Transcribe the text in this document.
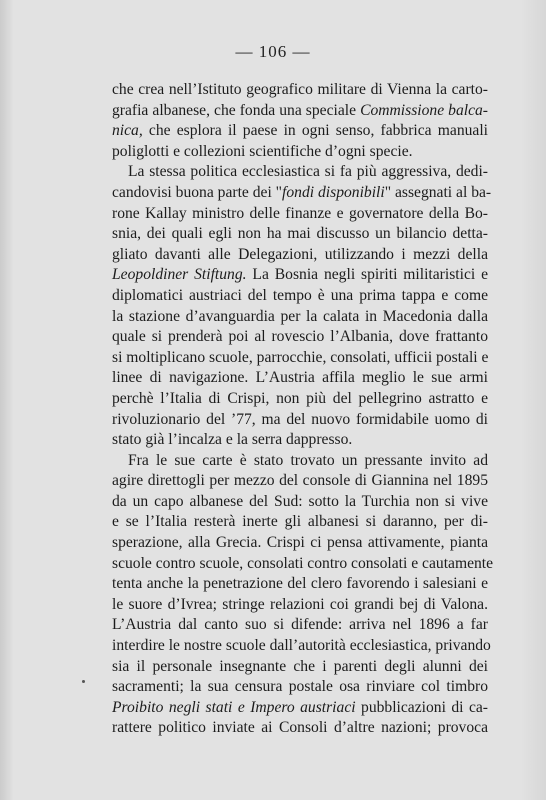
— 106 —
che crea nell’Istituto geografico militare di Vienna la carto-
grafia albanese, che fonda una speciale Commissione balca-
nica, che esplora il paese in ogni senso, fabbrica manuali
poliglotti e collezioni scientifiche d’ogni specie.
La stessa politica ecclesiastica si fa più aggressiva, dedi-
candovisi buona parte dei "fondi disponibili" assegnati al ba-
rone Kallay ministro delle finanze e governatore della Bo-
snia, dei quali egli non ha mai discusso un bilancio detta-
gliato davanti alle Delegazioni, utilizzando i mezzi della
Leopoldiner Stiftung. La Bosnia negli spiriti militaristici e
diplomatici austriaci del tempo è una prima tappa e come
la stazione d’avanguardia per la calata in Macedonia dalla
quale si prenderà poi al rovescio l’Albania, dove frattanto
si moltiplicano scuole, parrocchie, consolati, ufficii postali e
linee di navigazione. L’Austria affila meglio le sue armi
perchè l’Italia di Crispi, non più del pellegrino astratto e
rivoluzionario del ’77, ma del nuovo formidabile uomo di
stato già l’incalza e la serra dappresso.
Fra le sue carte è stato trovato un pressante invito ad
agire direttogli per mezzo del console di Giannina nel 1895
da un capo albanese del Sud: sotto la Turchia non si vive
e se l’Italia resterà inerte gli albanesi si daranno, per di-
sperazione, alla Grecia. Crispi ci pensa attivamente, pianta
scuole contro scuole, consolati contro consolati e cautamente
tenta anche la penetrazione del clero favorendo i salesiani e
le suore d’Ivrea; stringe relazioni coi grandi bej di Valona.
L’Austria dal canto suo si difende: arriva nel 1896 a far
interdire le nostre scuole dall’autorità ecclesiastica, privando
sia il personale insegnante che i parenti degli alunni dei
sacramenti; la sua censura postale osa rinviare col timbro
Proibito negli stati e Impero austriaci pubblicazioni di ca-
rattere politico inviate ai Consoli d’altre nazioni; provoca
